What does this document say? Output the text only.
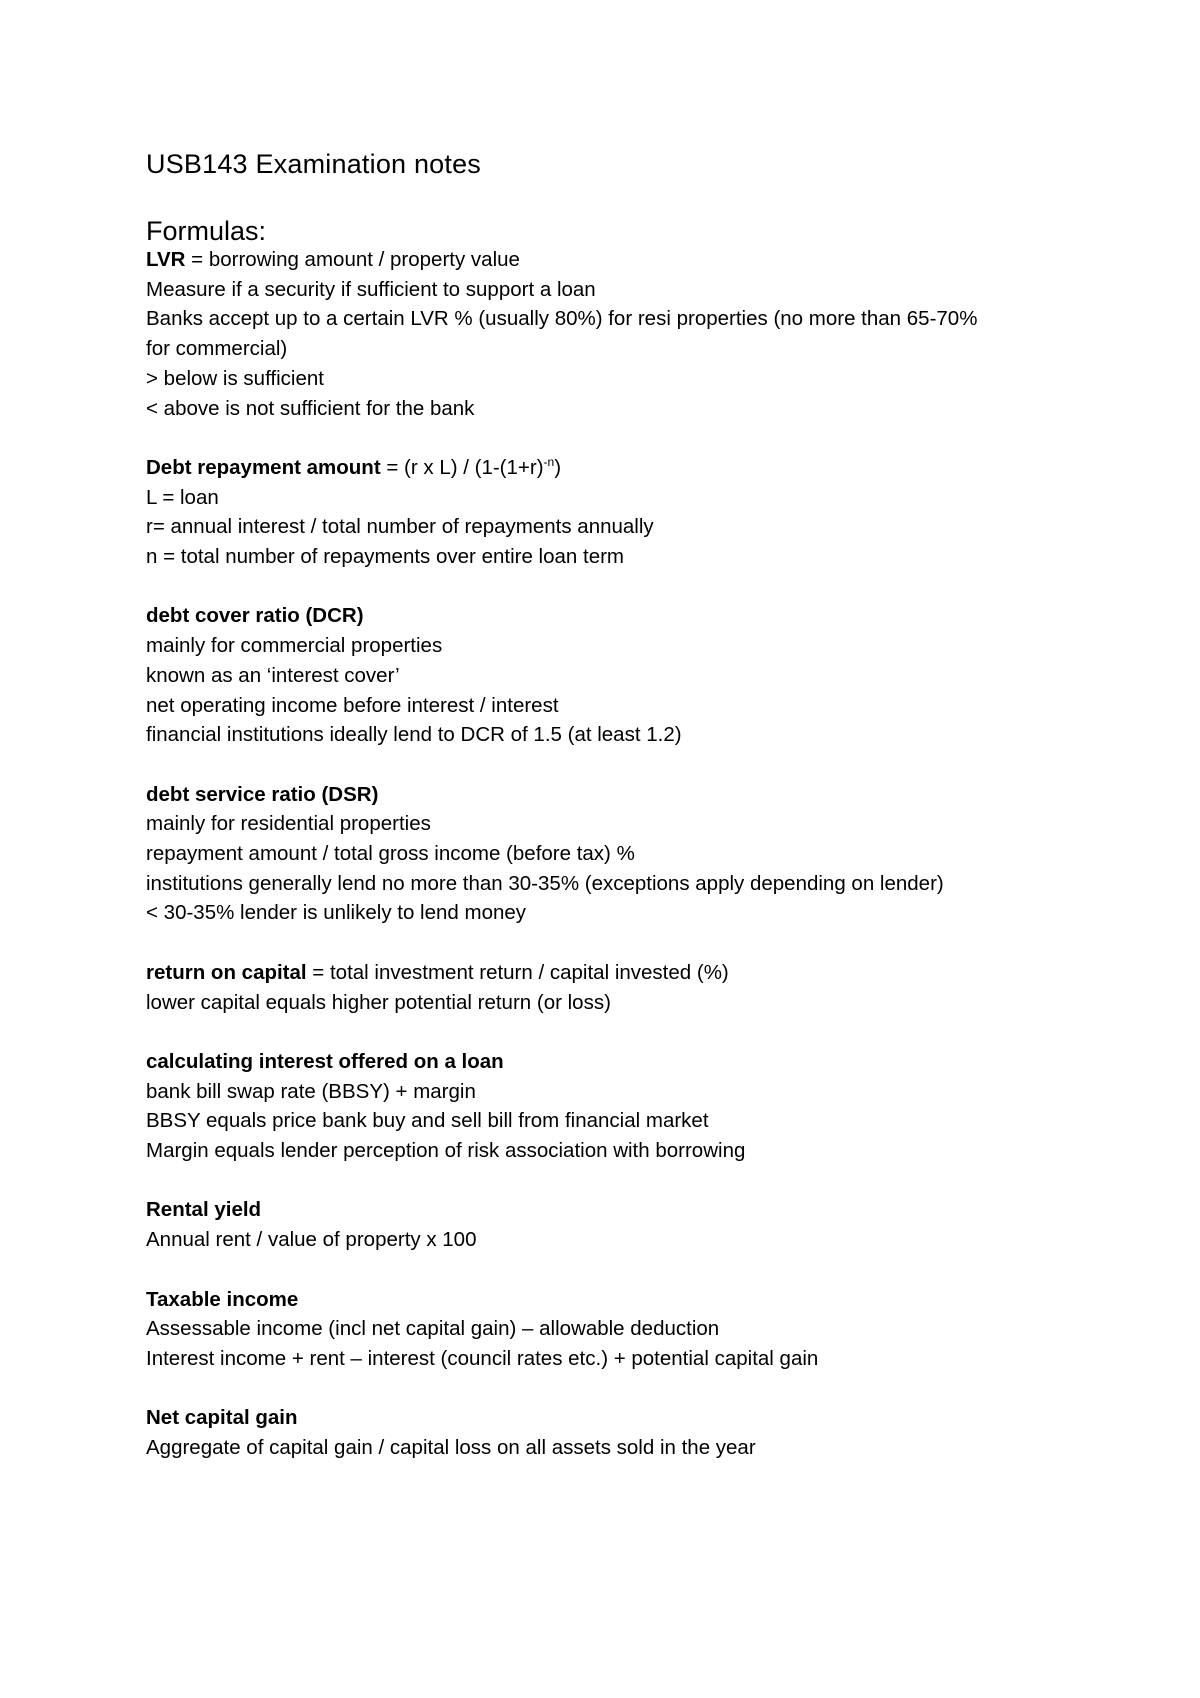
USB143 Examination notes
Formulas:

LVR = borrowing amount / property value

Measure if a security if sufficient to support a loan

Banks accept up to a certain LVR % (usually 80%) for resi properties (no more than 65-70%

for commercial)

> below is sufficient

< above is not sufficient for the bank

Debt repayment amount = (r x $L) / (1-(1+r)^{-n})$

L = loan

r= annual interest / total number of repayments annually

n = total number of repayments over entire loan term

debt cover ratio (DCR)

mainly for commercial properties

known as an ‘interest cover’

net operating income before interest / interest

financial institutions ideally lend to DCR of 1.5 (at least 1.2)

debt service ratio (DSR)

mainly for residential properties

repayment amount / total gross income (before tax) %

institutions generally lend no more than 30-35% (exceptions apply depending on lender)

< 30-35% lender is unlikely to lend money

return on capital = total investment return / capital invested (%)

lower capital equals higher potential return (or loss)

calculating interest offered on a loan

bank bill swap rate (BBSY) + margin

BBSY equals price bank buy and sell bill from financial market

Margin equals lender perception of risk association with borrowing

Rental yield

Annual rent / value of property x 100

Taxable income

Assessable income (incl net capital gain) – allowable deduction

Interest income + rent – interest (council rates etc.) + potential capital gain

Net capital gain

Aggregate of capital gain / capital loss on all assets sold in the year
